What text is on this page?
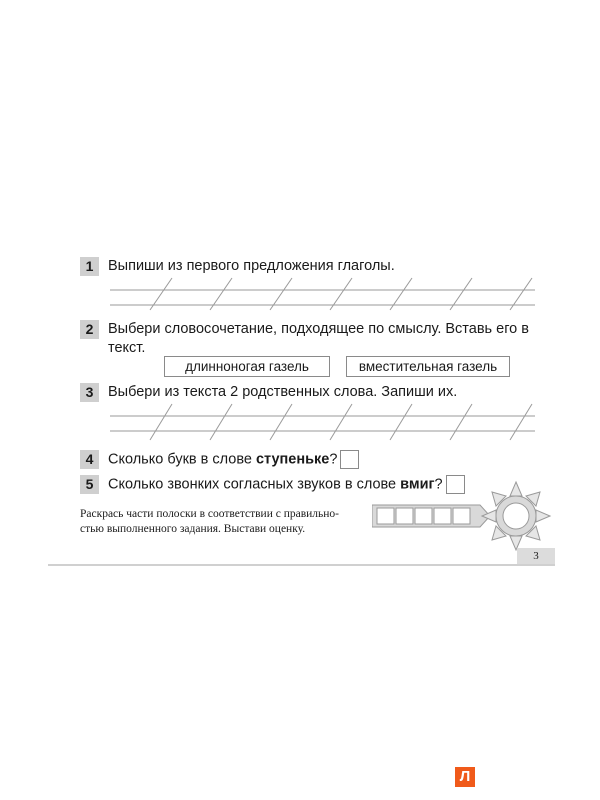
1	Выпиши из первого предложения глаголы.
2	Выбери словосочетание, подходящее по смыслу. Вставь его в
текст.
длинноногая газель	вместительная газель
3	Выбери из текста 2 родственных слова. Запиши их.
4	Сколько букв в слове ступеньке?
5	Сколько звонких согласных звуков в слове вмиг?
Раскрась части полоски в соответствии с правильно-
стью выполненного задания. Выстави оценку.
3
Л
